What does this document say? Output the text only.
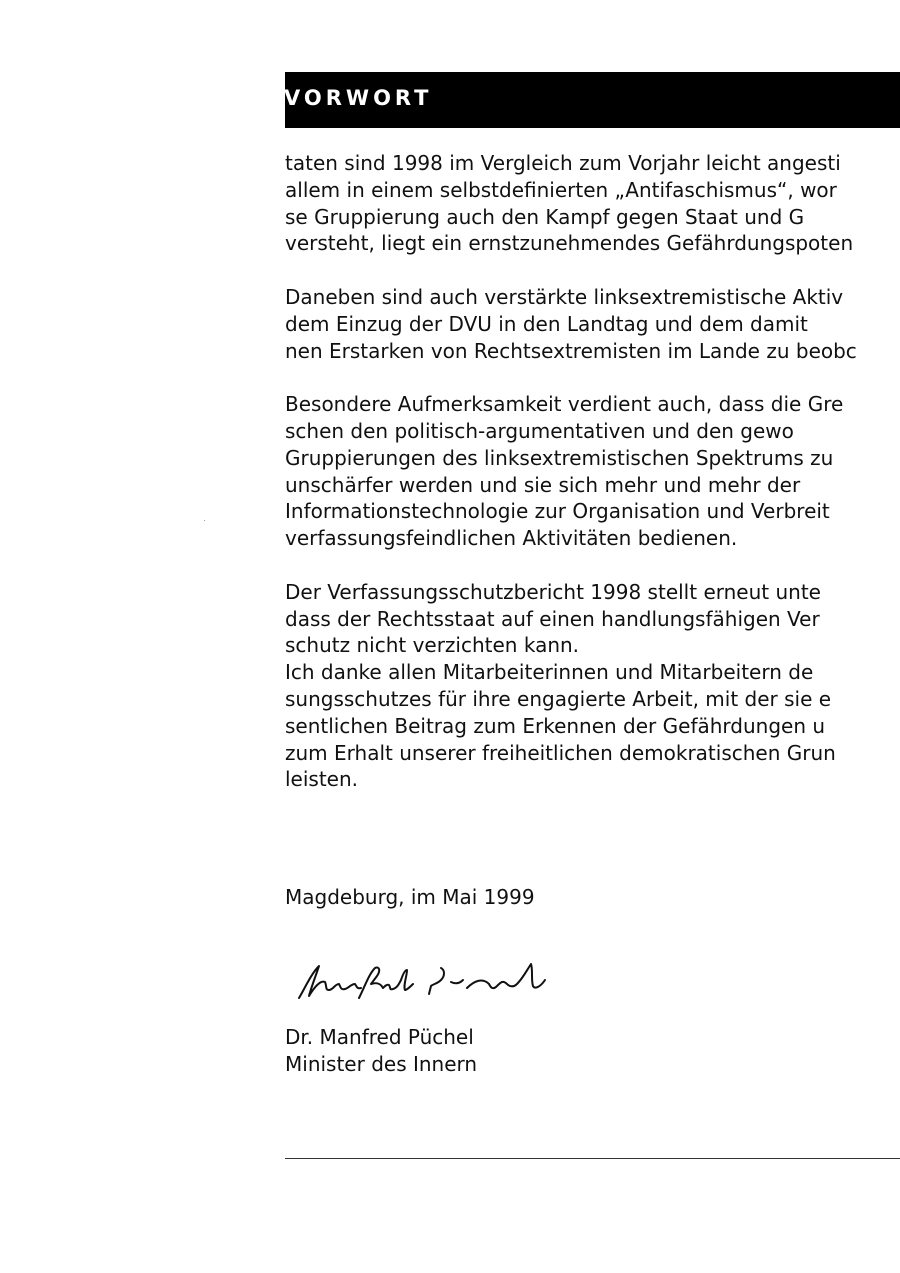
VORWORT
taten sind 1998 im Vergleich zum Vorjahr leicht angesti
allem in einem selbstdefinierten „Antifaschismus“, wor
se Gruppierung auch den Kampf gegen Staat und G
versteht, liegt ein ernstzunehmendes Gefährdungspoten
Daneben sind auch verstärkte linksextremistische Aktiv
dem Einzug der DVU in den Landtag und dem damit
nen Erstarken von Rechtsextremisten im Lande zu beobc
Besondere Aufmerksamkeit verdient auch, dass die Gre
schen den politisch-argumentativen und den gewo
Gruppierungen des linksextremistischen Spektrums zu
unschärfer werden und sie sich mehr und mehr der
Informationstechnologie zur Organisation und Verbreit
verfassungsfeindlichen Aktivitäten bedienen.
Der Verfassungsschutzbericht 1998 stellt erneut unte
dass der Rechtsstaat auf einen handlungsfähigen Ver
schutz nicht verzichten kann.
Ich danke allen Mitarbeiterinnen und Mitarbeitern de
sungsschutzes für ihre engagierte Arbeit, mit der sie e
sentlichen Beitrag zum Erkennen der Gefährdungen u
zum Erhalt unserer freiheitlichen demokratischen Grun
leisten.
Magdeburg, im Mai 1999
Dr. Manfred Püchel
Minister des Innern
